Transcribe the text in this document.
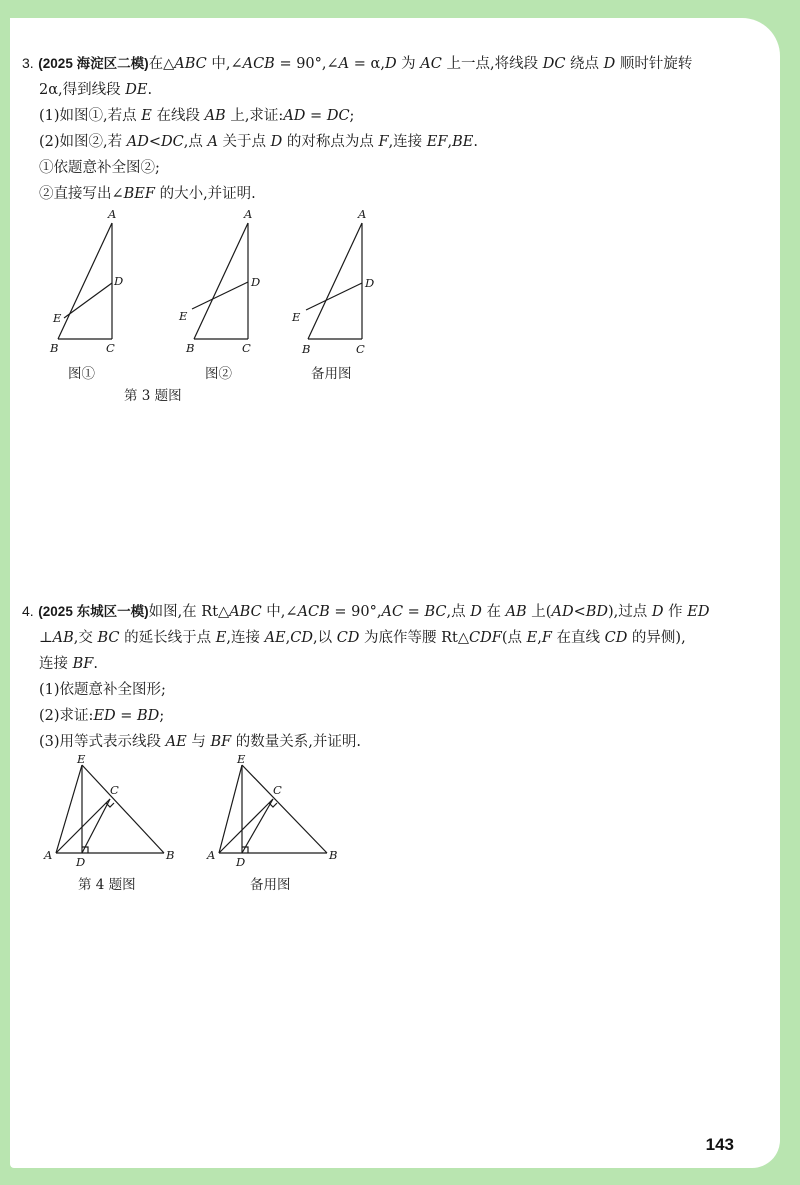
3. (2025 海淀区二模)在△ABC 中,∠ACB = 90°,∠A = α,D 为 AC 上一点,将线段 DC 绕点 D 顺时针旋转
2α,得到线段 DE.
(1)如图①,若点 E 在线段 AB 上,求证:AD = DC;
(2)如图②,若 AD<DC,点 A 关于点 D 的对称点为点 F,连接 EF,BE.
①依题意补全图②;
②直接写出∠BEF 的大小,并证明.
A
D
E
B	C
A
D
E
B	C
A
D
E
B	C
图①	图②	备用图
第 3 题图
4. (2025 东城区一模)如图,在 Rt△ABC 中,∠ACB = 90°,AC = BC,点 D 在 AB 上(AD<BD),过点 D 作 ED
⊥AB,交 BC 的延长线于点 E,连接 AE,CD,以 CD 为底作等腰 Rt△CDF(点 E,F 在直线 CD 的异侧),
连接 BF.
(1)依题意补全图形;
(2)求证:ED = BD;
(3)用等式表示线段 AE 与 BF 的数量关系,并证明.
E
C
A D	B
E
C
A D	B
第 4 题图	备用图
143
